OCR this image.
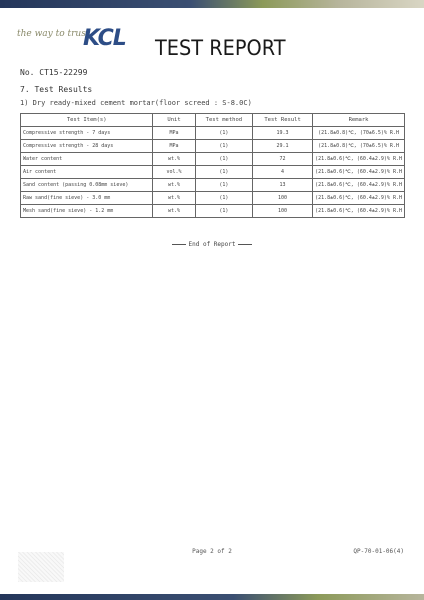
the way to trust
KCL TEST REPORT
No. CT15-22299
7. Test Results
1) Dry ready-mixed cement mortar(floor screed : S-8.0C)
Test Item(s)	Unit	Test method	Test Result	Remark
Compressive strength - 7 days	MPa	(1)	19.3	(21.8±0.8)℃, (70±6.5)% R.H
Compressive strength - 28 days	MPa	(1)	29.1	(21.8±0.8)℃, (70±6.5)% R.H
Water content	wt.%	(1)	72	(21.8±0.6)℃, (60.4±2.9)% R.H
Air content	vol.%	(1)	4	(21.8±0.6)℃, (60.4±2.9)% R.H
Sand content (passing 0.08mm sieve)	wt.%	(1)	13	(21.8±0.6)℃, (60.4±2.9)% R.H
Raw sand(fine sieve) - 3.0 mm	wt.%	(1)	100	(21.8±0.6)℃, (60.4±2.9)% R.H
Mesh sand(fine sieve) - 1.2 mm	wt.%	(1)	100	(21.8±0.6)℃, (60.4±2.9)% R.H
End of Report
Page 2 of 2	QP-70-01-06(4)
